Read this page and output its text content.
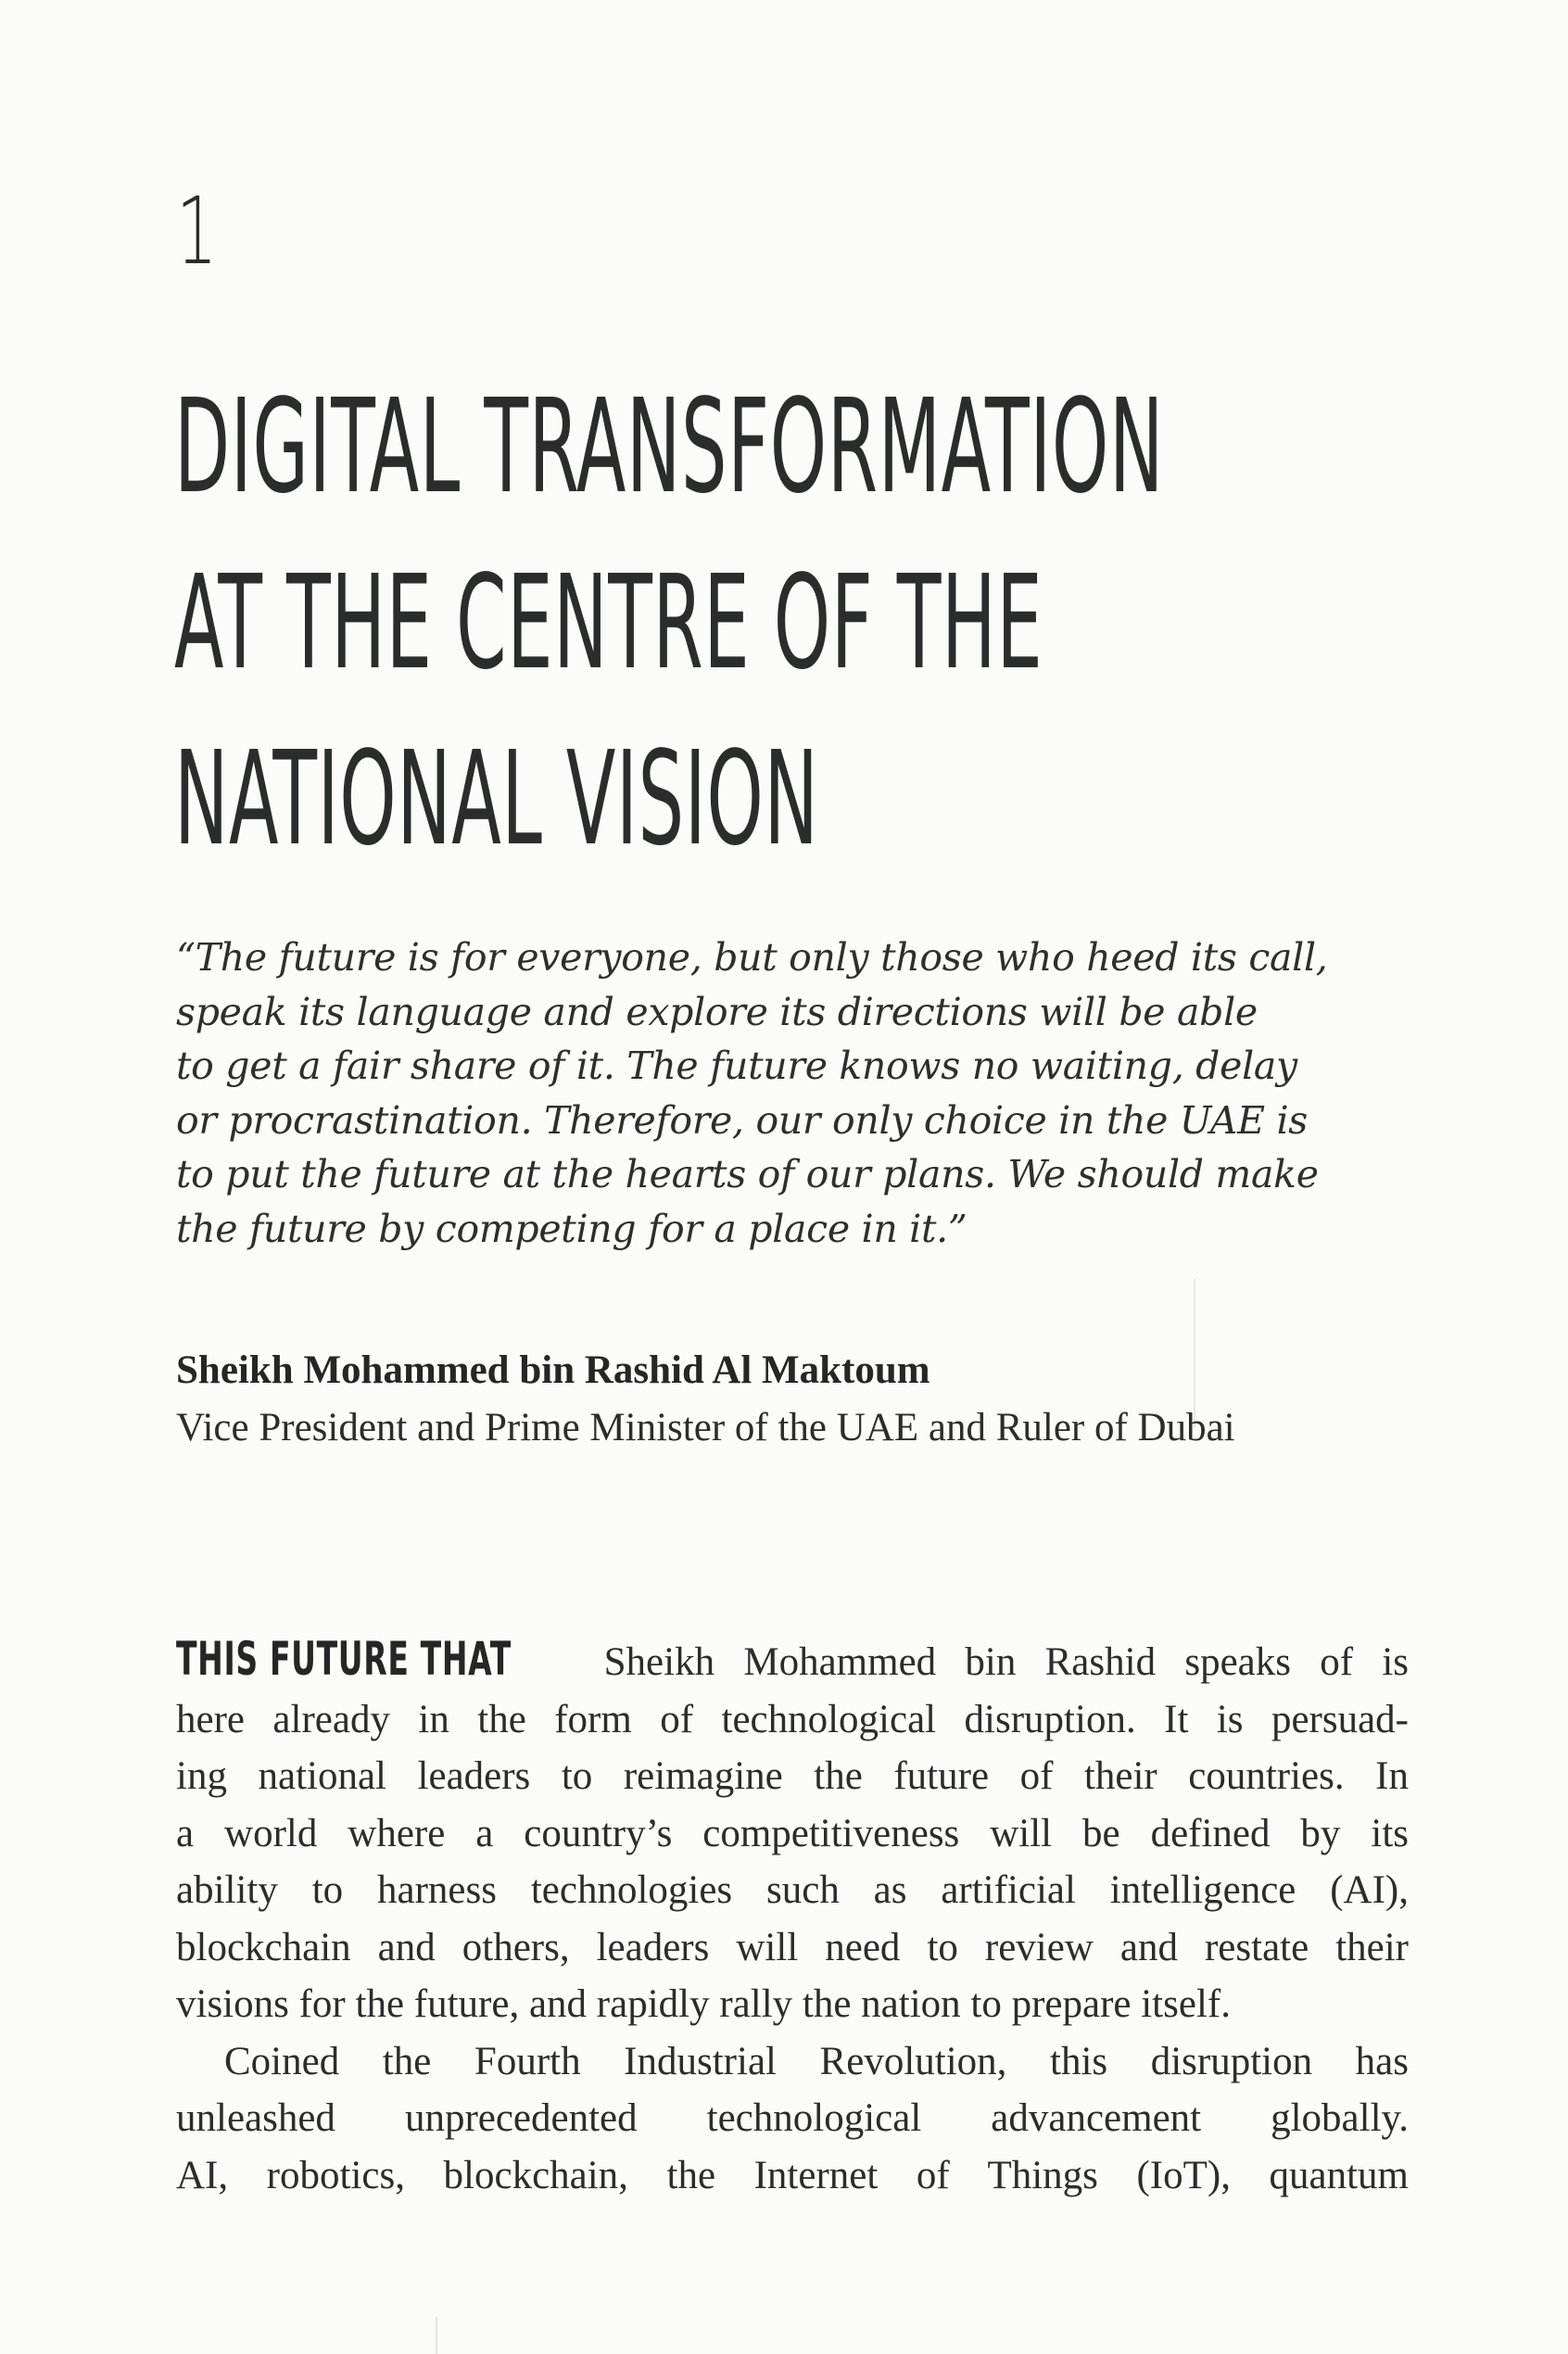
1
DIGITAL TRANSFORMATION
AT THE CENTRE OF THE
NATIONAL VISION
“The future is for everyone, but only those who heed its call,
speak its language and explore its directions will be able
to get a fair share of it. The future knows no waiting, delay
or procrastination. Therefore, our only choice in the UAE is
to put the future at the hearts of our plans. We should make
the future by competing for a place in it.”
Sheikh Mohammed bin Rashid Al Maktoum
Vice President and Prime Minister of the UAE and Ruler of Dubai

THIS FUTURE THAT Sheikh Mohammed bin Rashid speaks of is
here already in the form of technological disruption. It is persuad-
ing national leaders to reimagine the future of their countries. In
a world where a country’s competitiveness will be defined by its
ability to harness technologies such as artificial intelligence (AI),
blockchain and others, leaders will need to review and restate their
visions for the future, and rapidly rally the nation to prepare itself.

Coined the Fourth Industrial Revolution, this disruption has
unleashed unprecedented technological advancement globally.
AI, robotics, blockchain, the Internet of Things (IoT), quantum
